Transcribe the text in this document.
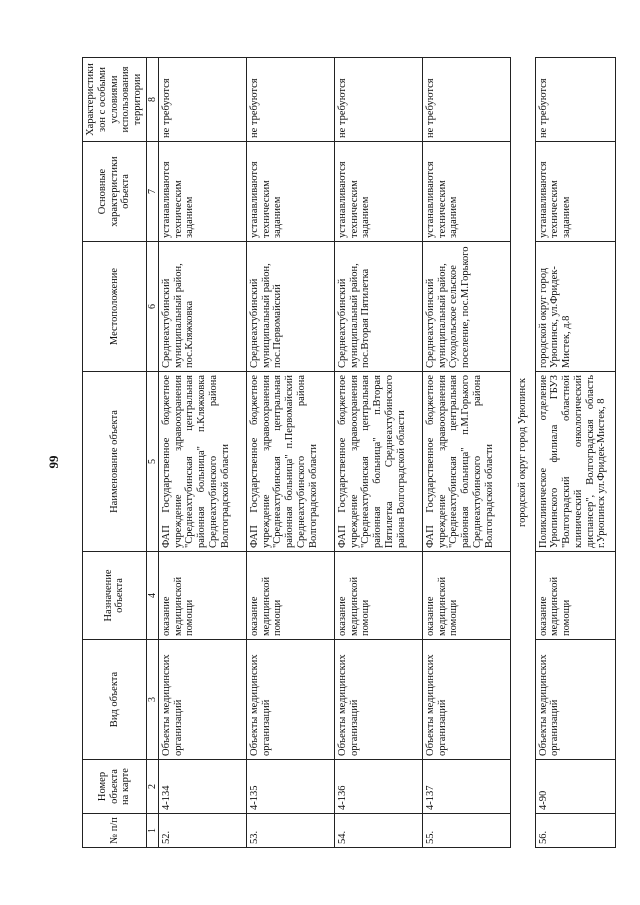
99
№ п/п	Номер объекта на карте	Вид объекта	Назначение объекта	Наименование объекта	Местоположение	Основные характеристики объекта	Характеристики зон с особыми условиями использования территории
1	2	3	4	5	6	7	8
52.	4-134	Объекты медицинских организаций	оказание медицинской помощи	ФАП Государственное бюджетное учреждение здравоохранения "Среднеахтубинская центральная районная больница" п.Кляжковка Среднеахтубинского района Волгоградской области	Среднеахтубинский муниципальный район, пос.Кляжковка	устанавливаются техническим заданием	не требуются
53.	4-135	Объекты медицинских организаций	оказание медицинской помощи	ФАП Государственное бюджетное учреждение здравоохранения "Среднеахтубинская центральная районная больница" п.Первомайский Среднеахтубинского района Волгоградской области	Среднеахтубинский муниципальный район, пос.Первомайский	устанавливаются техническим заданием	не требуются
54.	4-136	Объекты медицинских организаций	оказание медицинской помощи	ФАП Государственное бюджетное учреждение здравоохранения "Среднеахтубинская центральная районная больница" п.Вторая Пятилетка Среднеахтубинского района Волгоградской области	Среднеахтубинский муниципальный район, пос.Вторая Пятилетка	устанавливаются техническим заданием	не требуются
55.	4-137	Объекты медицинских организаций	оказание медицинской помощи	ФАП Государственное бюджетное учреждение здравоохранения "Среднеахтубинская центральная районная больница" п.М.Горького Среднеахтубинского района Волгоградской области	Среднеахтубинский муниципальный район, Суходольское сельское поселение, пос.М.Горького	устанавливаются техническим заданием	не требуются
городской округ город Урюпинск							
56.	4-90	Объекты медицинских организаций	оказание медицинской помощи	Поликлиническое отделение Урюпинского филиала ГБУЗ "Волгоградский областной клинический онкологический диспансер", Волгоградская область г.Урюпинск ул.Фридек-Мистек, 8	городской округ город Урюпинск, ул.Фридек-Мистек, д.8	устанавливаются техническим заданием	не требуются
